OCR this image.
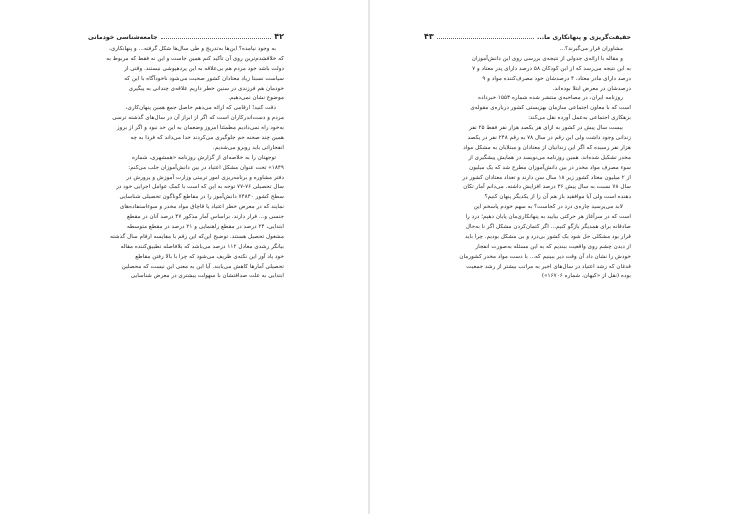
۴۲
جامعه‌شناسی خودمانی
به وجود نیامده؟ این‌ها به‌تدریج و طی سال‌ها شکل گرفته... و پنهانکاری،
که خلاقشدم‌ترین روی آن تأکید کنم همین جاست و این نه فقط که مربوط به
دولت باشد خود مردم هم بی‌علاقه به این پردهپوشی نیستند. وقتی از
سیاست نسبتاً زیاد معتادان کشور صحبت می‌شود ناخودآگاه با این که
خودمان هم فرزندی در سنین خطر داریم علاقه‌ی چندانی به پیگیری
موضوع نشان نمی‌دهیم.
دقت کنید! ارقامی که ارائه می‌دهم حاصل جمع همین پنهان‌کاری،
مردم و دست‌اندرکاران است که اگر از ابراز آن در سال‌های گذشته ترسی
به‌خود راه نمی‌دادیم مطمئناً امروز وضعمان به این حد نبود و اگر از بروز
همین چند صحنه حم جلوگیری می‌کردند خدا می‌داند که فردا به چه
انفجاراتی باید روبرو می‌شدیم.
توجهتان را به خلاصه‌ای از گزارش روزنامه «همشهری، شماره
۱۸۴۹» تحت عنوان مشکل اعتیاد در بین دانش‌آموزان جلب می‌کنم:
دفتر مشاوره و برنامه‌ریزی امور تربیتی وزارت آموزش و پرورش در
سال تحصیلی ۷۶-۷۷ توجه به این که است با کمک عوامل اجرایی خود در
سطح کشور ۷۴۸۴۰ دانش‌آموز را در مقاطع گوناگون تحصیلی شناسایی
نمایند که در معرض خطر اعتیاد یا قاچاق مواد مخدر و سوءاستفاده‌های
جنسی و... قرار دارند. براساس آمار مذکور ۴۷ درصد آنان در مقطع
ابتدایی، ۲۴ درصد در مقطع راهنمایی و ۲۱ درصد در مقطع متوسطه
مشغول تحصیل هستند. توضیح این‌که این رقم با مقایسه ارقام سال گذشته
بیانگر رشدی معادل ۱۱۲ درصد می‌باشد که بلافاصله تطبیق‌کننده مقاله
خود یاد آور این نکته‌ی ظریف می‌شود که چرا با بالا رفتن مقاطع
تحصیلی آمارها کاهش می‌یابند. آیا این به معنی این نیست که محصلین
ابتدایی به علت صداقتشان با سهولت بیشتری در معرض شناسایی
حقیقت‌گریزی و پنهانکاری ما...
۴۳
مشاوران قرار می‌گیرند؟...
و مقاله با ارائه‌ی جدولی از نتیجه‌ی بررسی روی این دانش‌آموزان
به این نتیجه می‌رسد که از این کودکان ۵۸ درصد دارای پدر معتاد و ۷
درصد دارای مادر معتاد، ۴ درصدشان خود مصرف‌کننده مواد و ۹
درصدشان در معرض ابتلا بوده‌اند.
روزنامه ایران، در مصاحبه‌ی منتشر شده شماره ۱۵۵۳ خبرداده
است که با معاون اجتماعی سازمان بهزیستی کشور درباره‌ی مقوله‌ی
بزهکاری اجتماعی به‌عمل آورده نقل می‌کند:
بیست سال پیش در کشور به ازای هر یکصد هزار نفر فقط ۲۵ نفر
زندانی وجود داشت ولی این رقم در سال ۷۸ به رقم ۲۴۸ نفر در یکصد
هزار نفر رسیده که اگر این زندانیان از معتادان و مبتلایان به مشکل مواد
مخدر تشکیل شده‌اند. همین روزنامه می‌نویسد در همایش پیشگیری از
سوء مصرف مواد مخدر در بین دانش‌آموزان مطرح شد که یک میلیون
از ۲ میلیون معتاد کشور زیر ۱۸ سال سن دارند و تعداد معتادان کشور در
سال ۷۸ نسبت به سال پیش ۳۶ درصد افزایش داشته. می‌دانم آمار تکان
دهنده است ولی آیا موافقید باز هم آن را از یکدیگر پنهان کنیم؟
لابد می‌پرسید چاره‌ی درد در کجاست؟ به سهم خودم پاسخم این
است که در سرآغاز هر حرکتی بیایید به پنهانکاری‌مان پایان دهیم؛ درد را
صادقانه برای همدیگر بازگو کنیم... اگر کتمان‌کردن مشکل اگر نا به‌حال
قرار بود مشکلی حل شود یک کشور بی‌درد و بی مشکل بودیم. چرا باید
از دیدن چشم روی واقعیت ببندیم که به این مسئله به‌صورت انفجار
خودش را نشان داد آن وقت دیر ببینیم که... با دست مواد مخدر کشورمان
قدغان که رشد اعتیاد در سال‌های اخیر به مراتب بیشتر از رشد جمعیت
بوده (نقل از «کیهان، شماره ۱۶۷۰۶»)
